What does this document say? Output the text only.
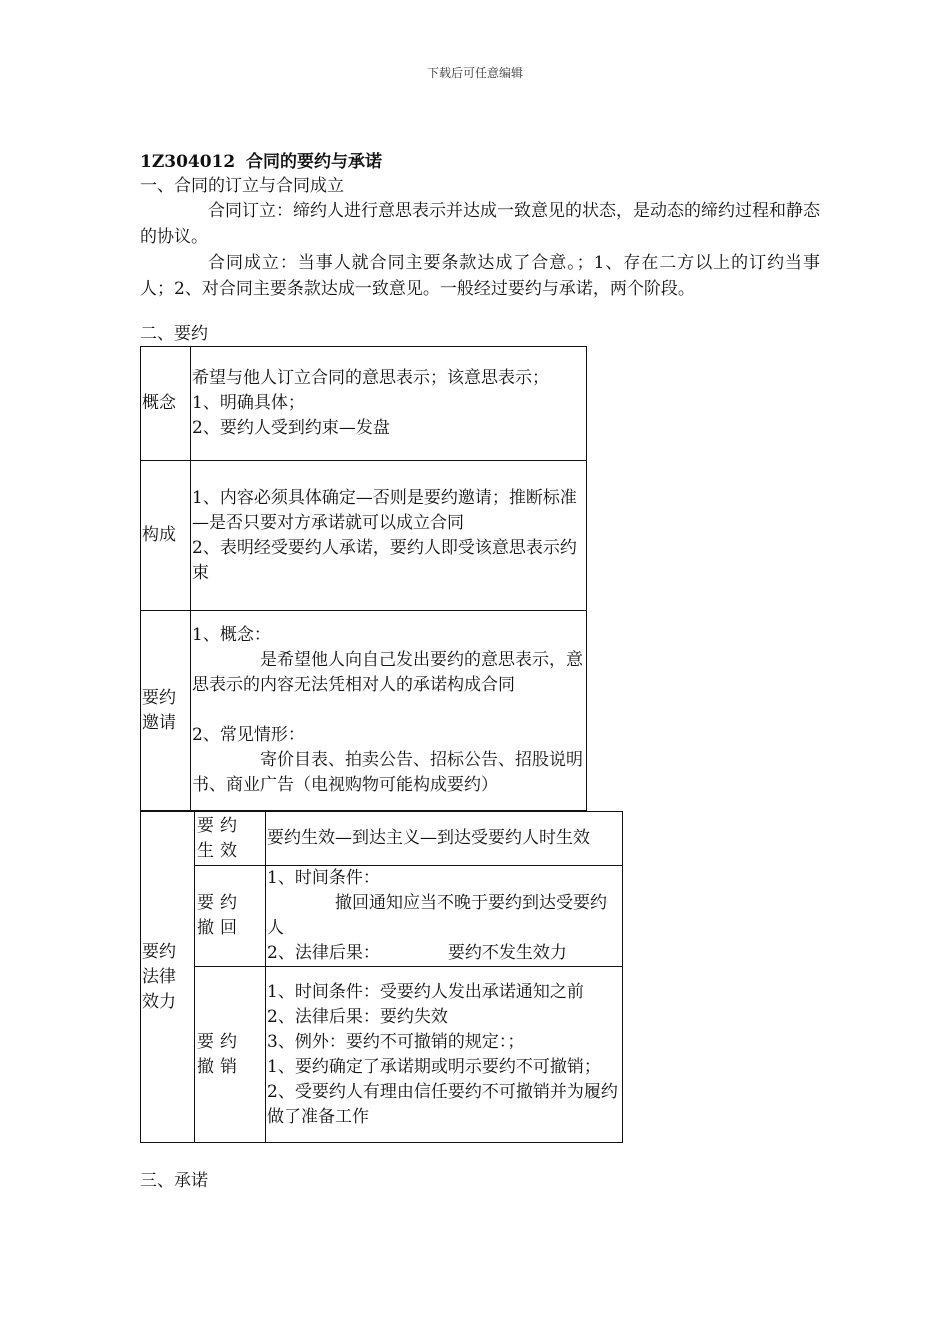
下载后可任意编辑
1Z304012 合同的要约与承诺
一、合同的订立与合同成立
合同订立：缔约人进行意思表示并达成一致意见的状态，是动态的缔约过程和静态的协议。
合同成立：当事人就合同主要条款达成了合意。；1、存在二方以上的订约当事人；2、对合同主要条款达成一致意见。一般经过要约与承诺，两个阶段。
二、要约
概念	希望与他人订立合同的意思表示；该意思表示；
1、明确具体；
2、要约人受到约束—发盘

构成	1、内容必须具体确定—否则是要约邀请；推断标准—是否只要对方承诺就可以成立合同
2、表明经受要约人承诺，要约人即受该意思表示约束

要约邀请	1、概念：
是希望他人向自己发出要约的意思表示，意思表示的内容无法凭相对人的承诺构成合同
2、常见情形：
寄价目表、拍卖公告、招标公告、招股说明书、商业广告（电视购物可能构成要约）
要约法律效力	要约生效	要约生效—到达主义—到达受要约人时生效

	要约撤回	1、时间条件：
撤回通知应当不晚于要约到达受要约人
2、法律后果： 要约不发生效力

	要约撤销	1、时间条件：受要约人发出承诺通知之前
2、法律后果：要约失效
3、例外：要约不可撤销的规定：；
1、要约确定了承诺期或明示要约不可撤销；
2、受要约人有理由信任要约不可撤销并为履约做了准备工作
三、承诺
